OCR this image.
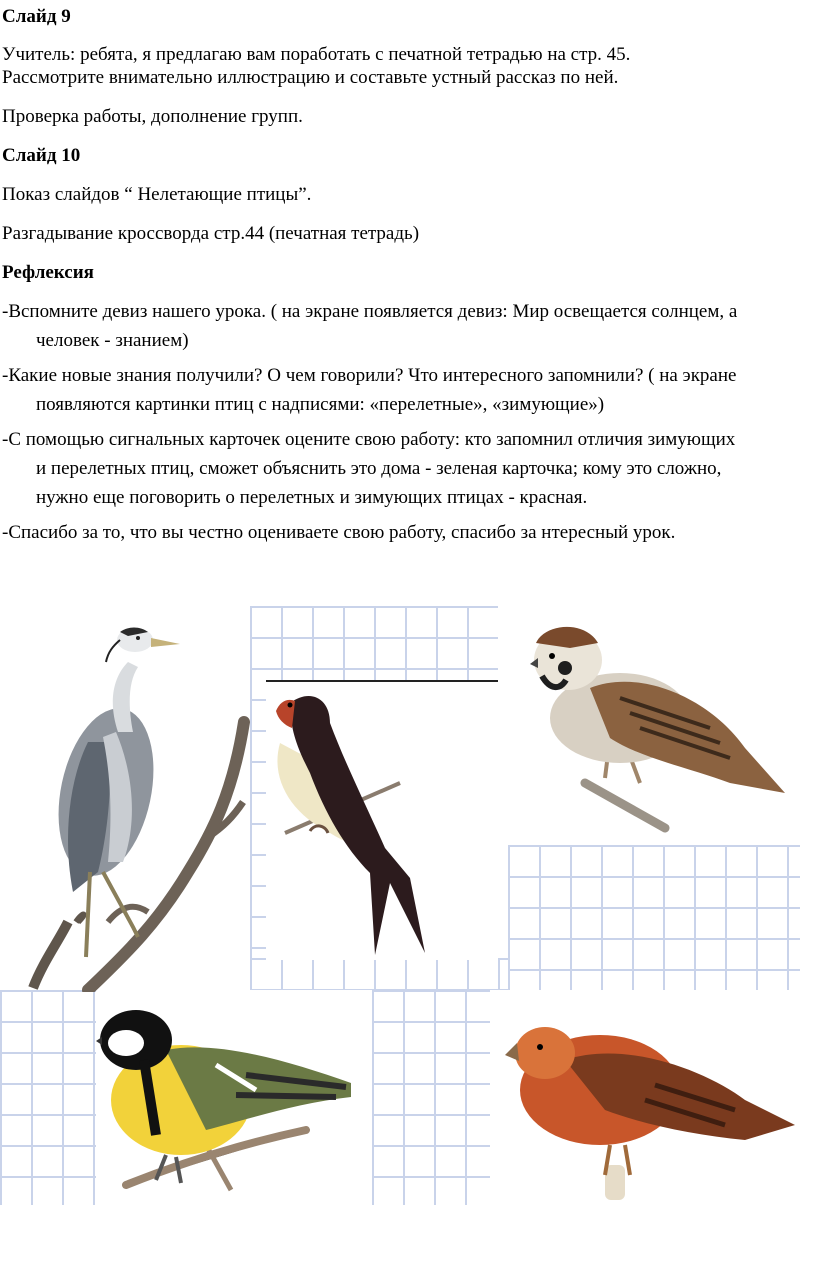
Слайд 9
Учитель: ребята, я предлагаю вам поработать с печатной тетрадью на стр. 45.
Рассмотрите внимательно иллюстрацию и составьте устный рассказ по ней.
Проверка работы, дополнение групп.
Слайд 10
Показ слайдов “ Нелетающие птицы”.
Разгадывание кроссворда стр.44 (печатная тетрадь)
Рефлексия
-Вспомните девиз нашего урока. ( на экране появляется девиз: Мир освещается солнцем, а
человек - знанием)
-Какие новые знания получили? О чем говорили? Что интересного запомнили? ( на экране
появляются картинки птиц с надписями: «перелетные», «зимующие»)
-С помощью сигнальных карточек оцените свою работу: кто запомнил отличия зимующих
и перелетных птиц, сможет объяснить это дома - зеленая карточка; кому это сложно,
нужно еще поговорить о перелетных и зимующих птицах - красная.
-Спасибо за то, что вы честно оцениваете свою работу, спасибо за нтересный урок.
